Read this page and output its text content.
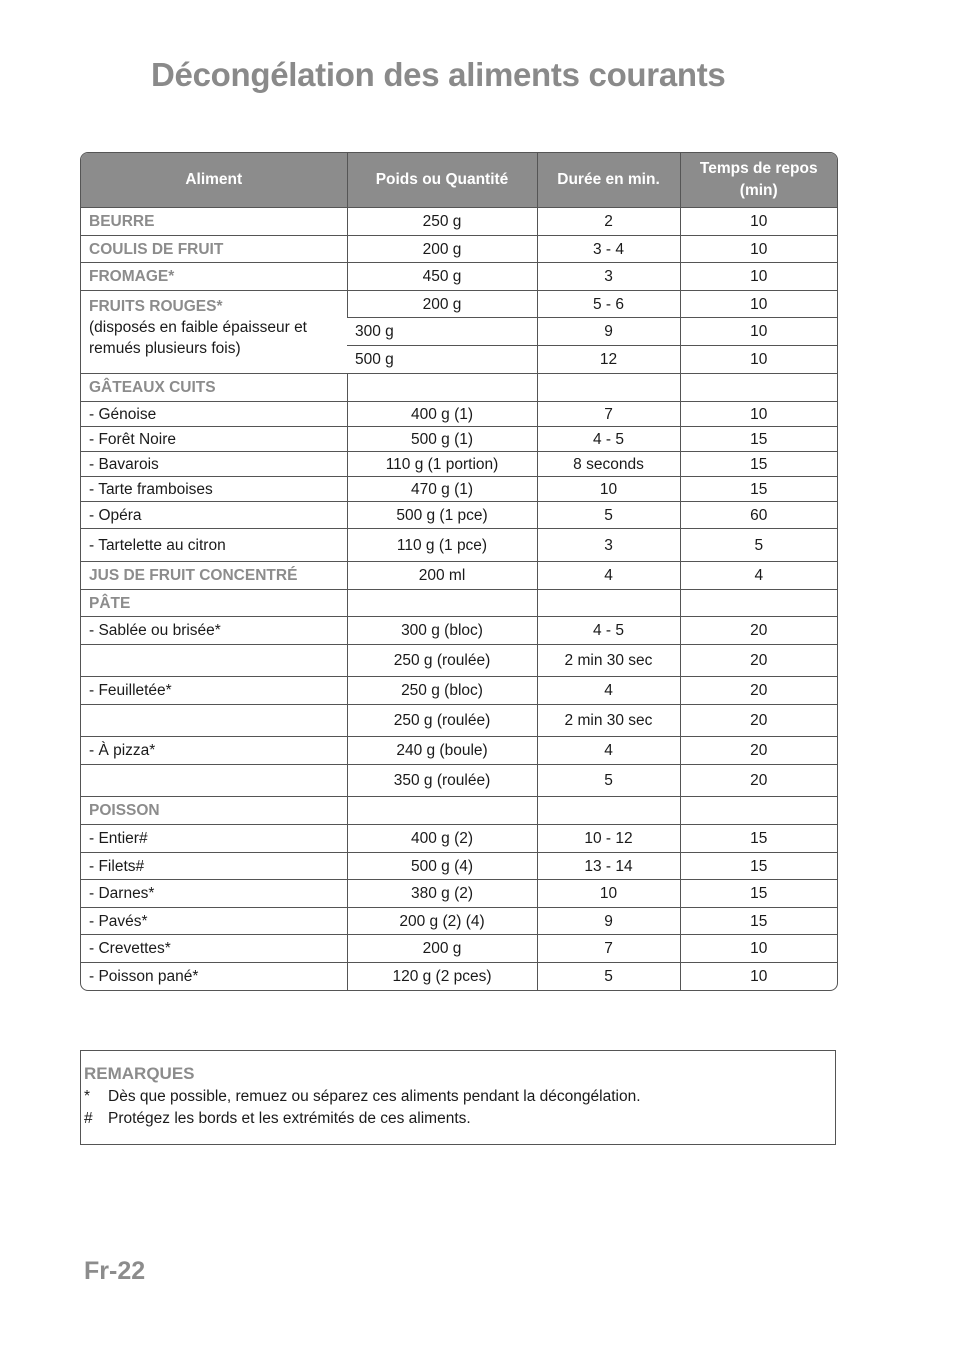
Décongélation des aliments courants
Aliment	Poids ou Quantité	Durée en min.	Temps de repos (min)
BEURRE	250 g	2	10
COULIS DE FRUIT	200 g	3 - 4	10
FROMAGE*	450 g	3	10
FRUITS ROUGES*
(disposés en faible épaisseur et remués plusieurs fois)	200 g	5 - 6	10
	300 g	9	10
	500 g	12	10
GÂTEAUX CUITS			
- Génoise	400 g (1)	7	10
- Forêt Noire	500 g (1)	4 - 5	15
- Bavarois	110 g (1 portion)	8 seconds	15
- Tarte framboises	470 g (1)	10	15
- Opéra	500 g (1 pce)	5	60
- Tartelette au citron	110 g (1 pce)	3	5
JUS DE FRUIT CONCENTRÉ	200 ml	4	4
PÂTE			
- Sablée ou brisée*	300 g (bloc)	4 - 5	20
	250 g (roulée)	2 min 30 sec	20
- Feuilletée*	250 g (bloc)	4	20
	250 g (roulée)	2 min 30 sec	20
- À pizza*	240 g (boule)	4	20
	350 g (roulée)	5	20
POISSON			
- Entier#	400 g (2)	10 - 12	15
- Filets#	500 g (4)	13 - 14	15
- Darnes*	380 g (2)	10	15
- Pavés*	200 g (2) (4)	9	15
- Crevettes*	200 g	7	10
- Poisson pané*	120 g (2 pces)	5	10
REMARQUES
* Dès que possible, remuez ou séparez ces aliments pendant la décongélation.
# Protégez les bords et les extrémités de ces aliments.
Fr-22
